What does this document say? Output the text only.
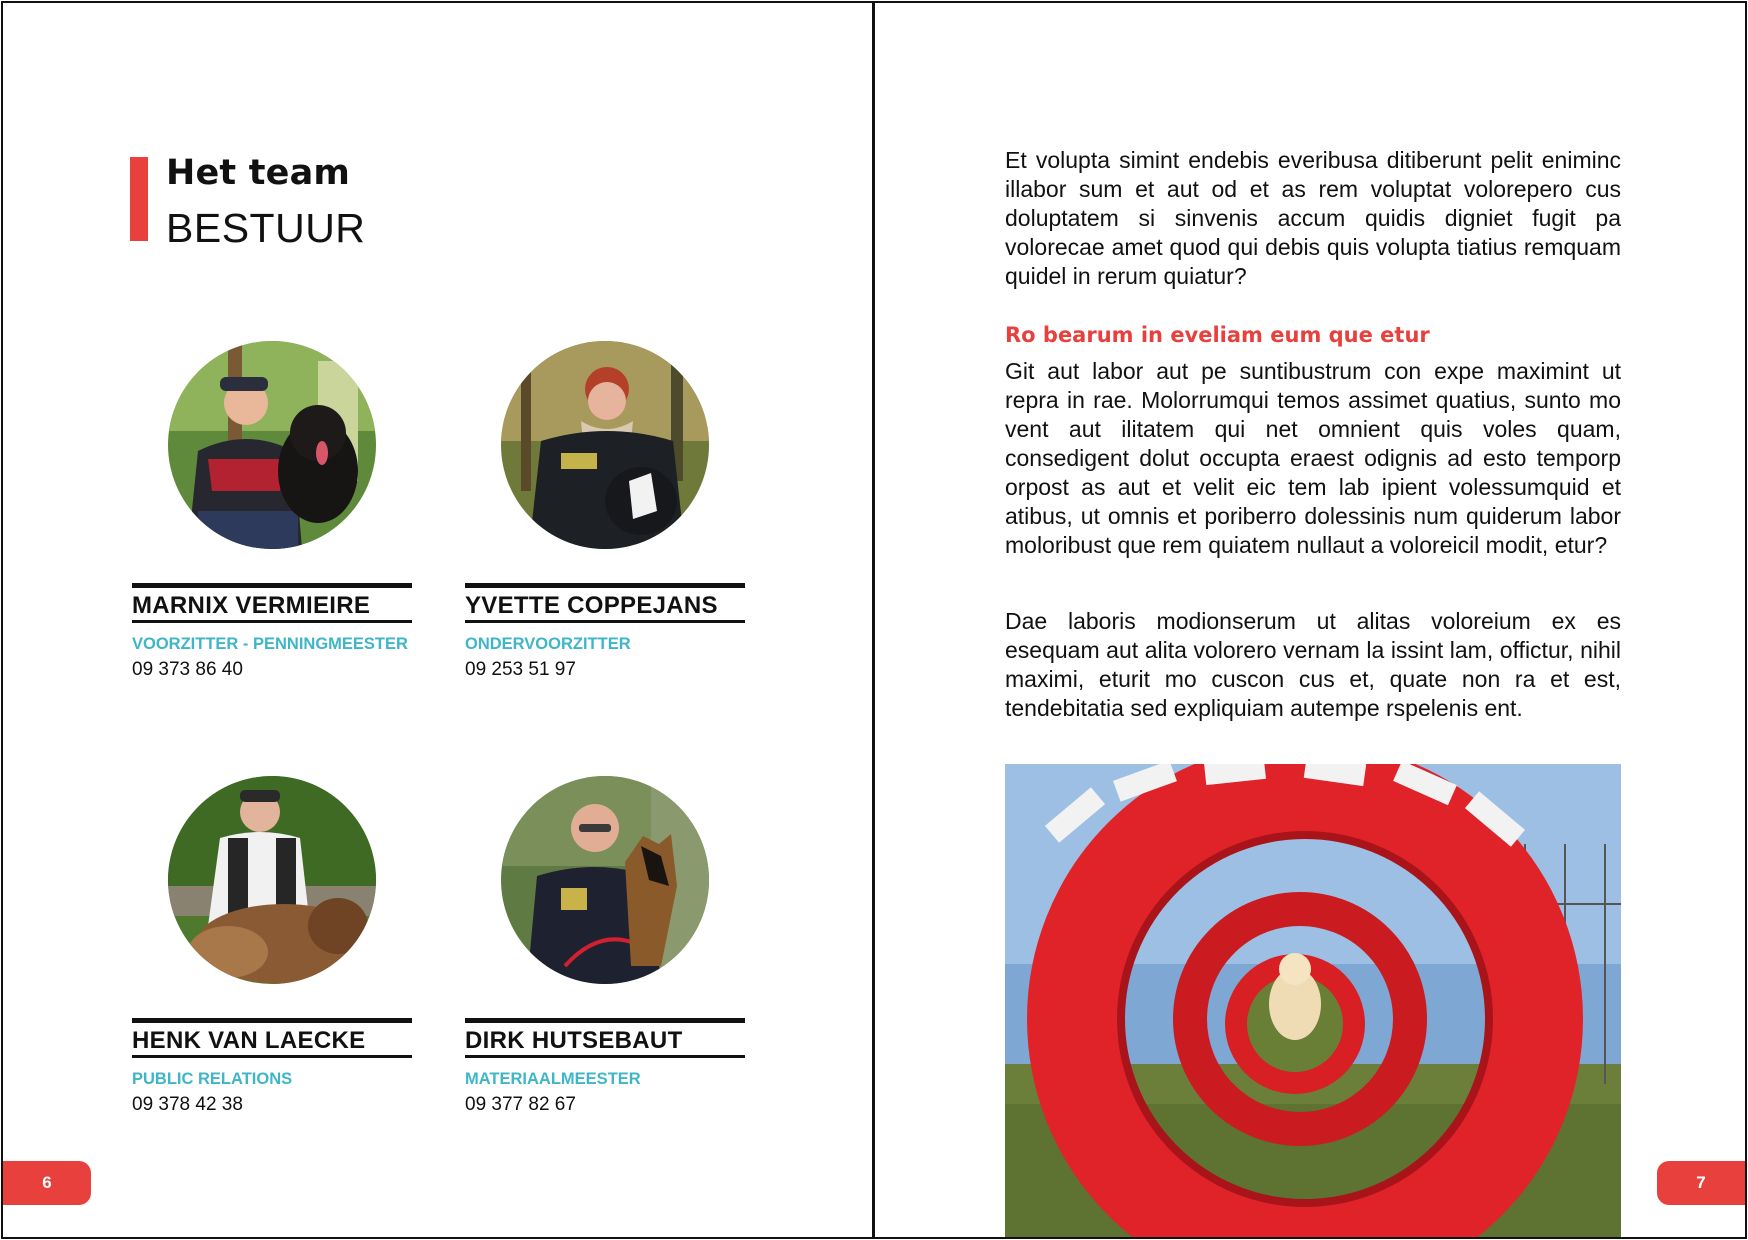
Het team
BESTUUR
MARNIX VERMIEIRE
VOORZITTER - PENNINGMEESTER
09 373 86 40
YVETTE COPPEJANS
ONDERVOORZITTER
09 253 51 97
HENK VAN LAECKE
PUBLIC RELATIONS
09 378 42 38
DIRK HUTSEBAUT
MATERIAALMEESTER
09 377 82 67
6
Et volupta simint endebis everibusa ditiberunt pelit eniminc illabor sum et aut od et as rem voluptat volorepero cus doluptatem si sinvenis accum quidis digniet fugit pa volorecae amet quod qui debis quis volupta tiatius remquam quidel in rerum quiatur?
Ro bearum in eveliam eum que etur
Git aut labor aut pe suntibustrum con expe maximint ut repra in rae. Molorrumqui temos assimet quatius, sunto mo vent aut ilitatem qui net omnient quis voles quam, consedigent dolut occupta eraest odignis ad esto temporp orpost as aut et velit eic tem lab ipient volessumquid et atibus, ut omnis et poriberro dolessinis num quiderum labor moloribust que rem quiatem nullaut a voloreicil modit, etur?
Dae laboris modionserum ut alitas voloreium ex es esequam aut alita volorero vernam la issint lam, offictur, nihil maximi, eturit mo cuscon cus et, quate non ra et est, tendebitatia sed expliquiam autempe rspelenis ent.
7
